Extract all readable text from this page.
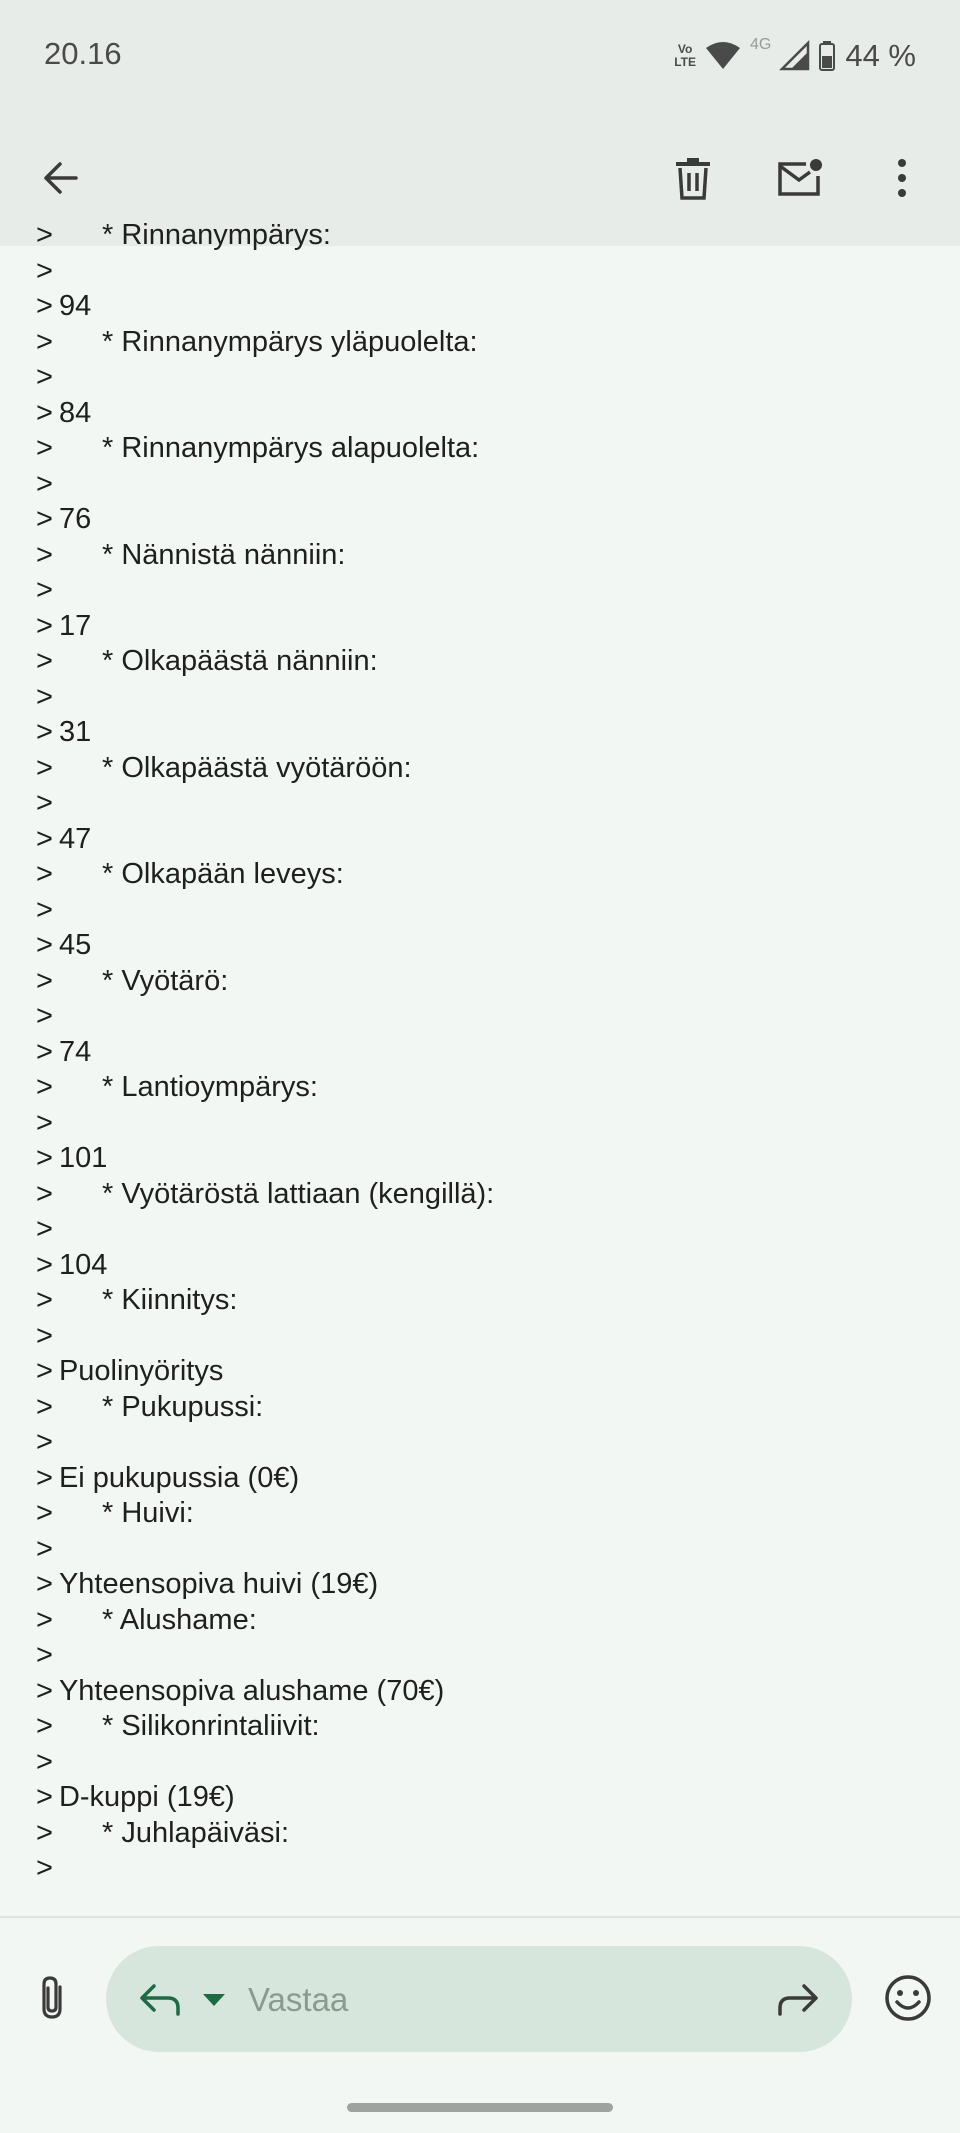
20.16	Vo
LTE
4G 44 %
>	* Rinnanympärys:
>
> 94
>	* Rinnanympärys yläpuolelta:
>
> 84
>	* Rinnanympärys alapuolelta:
>
> 76
>	* Nännistä nänniin:
>
> 17
>	* Olkapäästä nänniin:
>
> 31
>	* Olkapäästä vyötäröön:
>
> 47
>	* Olkapään leveys:
>
> 45
>	* Vyötärö:
>
> 74
>	* Lantioympärys:
>
> 101
>	* Vyötäröstä lattiaan (kengillä):
>
> 104
>	* Kiinnitys:
>
> Puolinyöritys
>	* Pukupussi:
>
> Ei pukupussia (0€)
>	* Huivi:
>
> Yhteensopiva huivi (19€)
>	* Alushame:
>
> Yhteensopiva alushame (70€)
>	* Silikonrintaliivit:
>
> D-kuppi (19€)
>	* Juhlapäiväsi:
>
Vastaa
